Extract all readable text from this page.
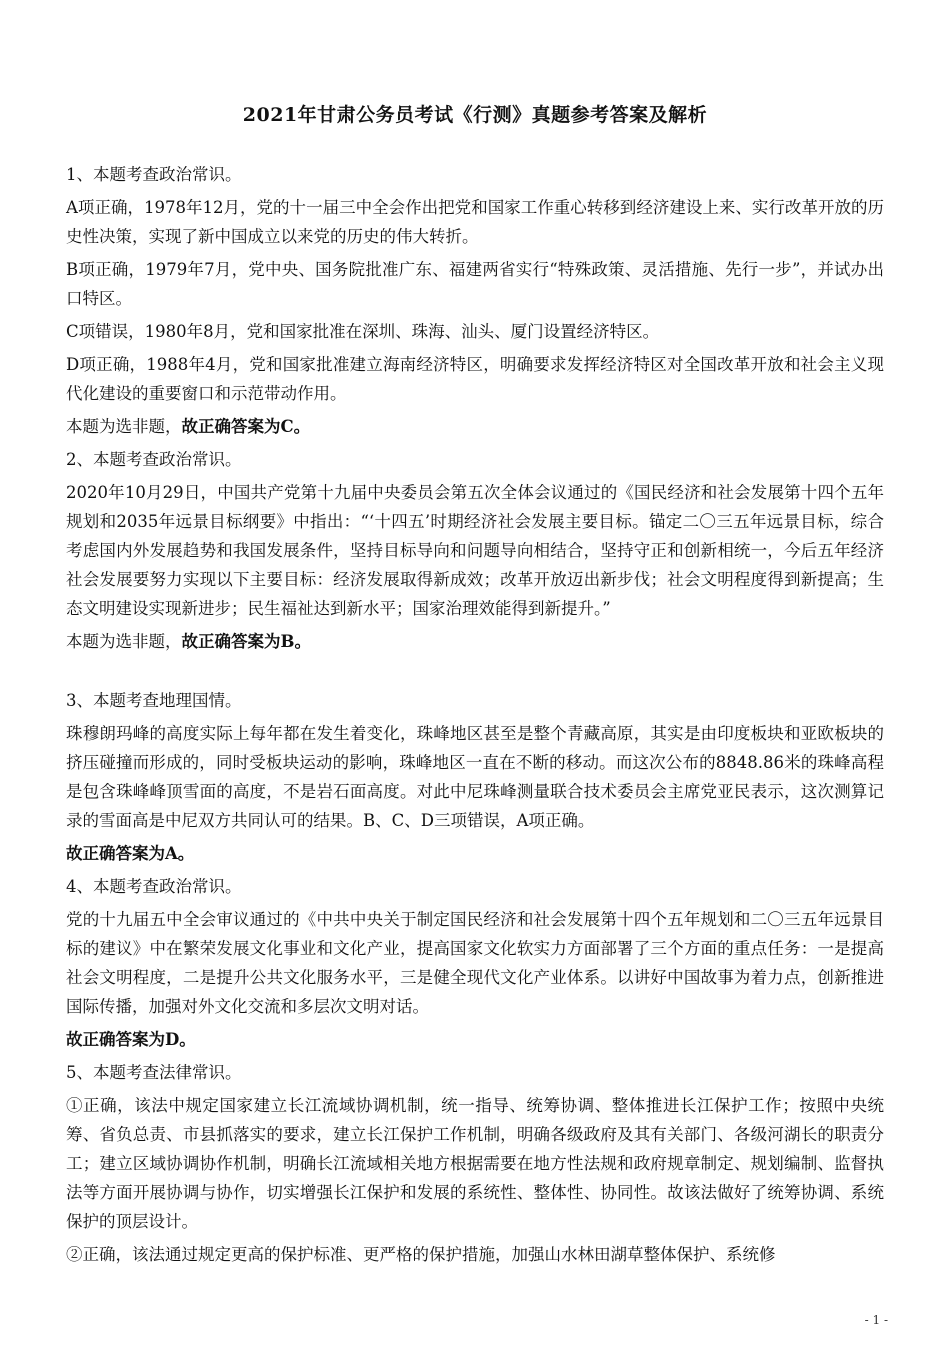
2021年甘肃公务员考试《行测》真题参考答案及解析

1、本题考查政治常识。

A项正确，1978年12月，党的十一届三中全会作出把党和国家工作重心转移到经济建设上来、实行改革开放的历史性决策，实现了新中国成立以来党的历史的伟大转折。

B项正确，1979年7月，党中央、国务院批准广东、福建两省实行“特殊政策、灵活措施、先行一步”，并试办出口特区。

C项错误，1980年8月，党和国家批准在深圳、珠海、汕头、厦门设置经济特区。

D项正确，1988年4月，党和国家批准建立海南经济特区，明确要求发挥经济特区对全国改革开放和社会主义现代化建设的重要窗口和示范带动作用。

本题为选非题，故正确答案为C。

2、本题考查政治常识。

2020年10月29日，中国共产党第十九届中央委员会第五次全体会议通过的《国民经济和社会发展第十四个五年规划和2035年远景目标纲要》中指出：“‘十四五’时期经济社会发展主要目标。锚定二〇三五年远景目标，综合考虑国内外发展趋势和我国发展条件，坚持目标导向和问题导向相结合，坚持守正和创新相统一，今后五年经济社会发展要努力实现以下主要目标：经济发展取得新成效；改革开放迈出新步伐；社会文明程度得到新提高；生态文明建设实现新进步；民生福祉达到新水平；国家治理效能得到新提升。”

本题为选非题，故正确答案为B。

3、本题考查地理国情。

珠穆朗玛峰的高度实际上每年都在发生着变化，珠峰地区甚至是整个青藏高原，其实是由印度板块和亚欧板块的挤压碰撞而形成的，同时受板块运动的影响，珠峰地区一直在不断的移动。而这次公布的8848.86米的珠峰高程是包含珠峰峰顶雪面的高度，不是岩石面高度。对此中尼珠峰测量联合技术委员会主席党亚民表示，这次测算记录的雪面高是中尼双方共同认可的结果。B、C、D三项错误，A项正确。

故正确答案为A。

4、本题考查政治常识。

党的十九届五中全会审议通过的《中共中央关于制定国民经济和社会发展第十四个五年规划和二〇三五年远景目标的建议》中在繁荣发展文化事业和文化产业，提高国家文化软实力方面部署了三个方面的重点任务：一是提高社会文明程度，二是提升公共文化服务水平，三是健全现代文化产业体系。以讲好中国故事为着力点，创新推进国际传播，加强对外文化交流和多层次文明对话。

故正确答案为D。

5、本题考查法律常识。

①正确，该法中规定国家建立长江流域协调机制，统一指导、统筹协调、整体推进长江保护工作；按照中央统筹、省负总责、市县抓落实的要求，建立长江保护工作机制，明确各级政府及其有关部门、各级河湖长的职责分工；建立区域协调协作机制，明确长江流域相关地方根据需要在地方性法规和政府规章制定、规划编制、监督执法等方面开展协调与协作，切实增强长江保护和发展的系统性、整体性、协同性。故该法做好了统筹协调、系统保护的顶层设计。

②正确，该法通过规定更高的保护标准、更严格的保护措施，加强山水林田湖草整体保护、系统修

- 1 -
